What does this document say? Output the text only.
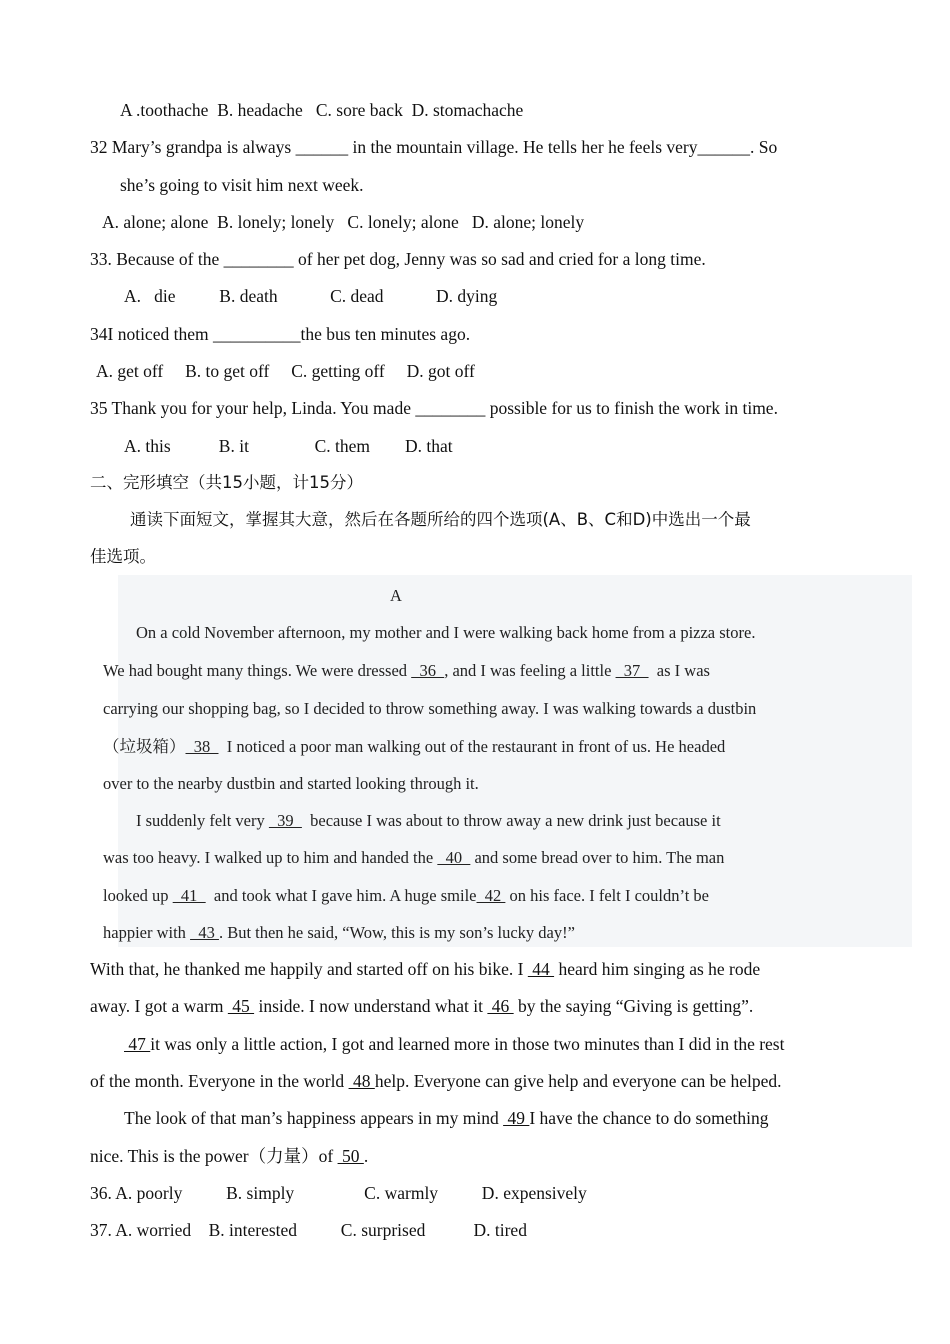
A .toothache  B. headache   C. sore back  D. stomachache
32 Mary’s grandpa is always ______ in the mountain village. He tells her he feels very______. So
she’s going to visit him next week.
A. alone; alone  B. lonely; lonely   C. lonely; alone   D. alone; lonely
33. Because of the ________ of her pet dog, Jenny was so sad and cried for a long time.
A.   die          B. death            C. dead            D. dying
34I noticed them __________the bus ten minutes ago.
A. get off     B. to get off     C. getting off     D. got off
35 Thank you for your help, Linda. You made ________ possible for us to finish the work in time.
A. this           B. it               C. them        D. that
二、完形填空（共15小题，计15分）
通读下面短文，掌握其大意，然后在各题所给的四个选项(A、B、C和D)中选出一个最
佳选项。
A
On a cold November afternoon, my mother and I were walking back home from a pizza store.
We had bought many things. We were dressed   36  , and I was feeling a little   37    as I was
carrying our shopping bag, so I decided to throw something away. I was walking towards a dustbin
（垃圾箱）  38    I noticed a poor man walking out of the restaurant in front of us. He headed
over to the nearby dustbin and started looking through it.
I suddenly felt very   39    because I was about to throw away a new drink just because it
was too heavy. I walked up to him and handed the   40   and some bread over to him. The man
looked up   41    and took what I gave him. A huge smile  42  on his face. I felt I couldn’t be
happier with   43 . But then he said, “Wow, this is my son’s lucky day!”
With that, he thanked me happily and started off on his bike. I  44  heard him singing as he rode
away. I got a warm  45  inside. I now understand what it  46  by the saying “Giving is getting”.
47 it was only a little action, I got and learned more in those two minutes than I did in the rest
of the month. Everyone in the world  48 help. Everyone can give help and everyone can be helped.
The look of that man’s happiness appears in my mind  49 I have the chance to do something
nice. This is the power（力量）of  50 .
36. A. poorly          B. simply                C. warmly          D. expensively
37. A. worried    B. interested          C. surprised           D. tired
